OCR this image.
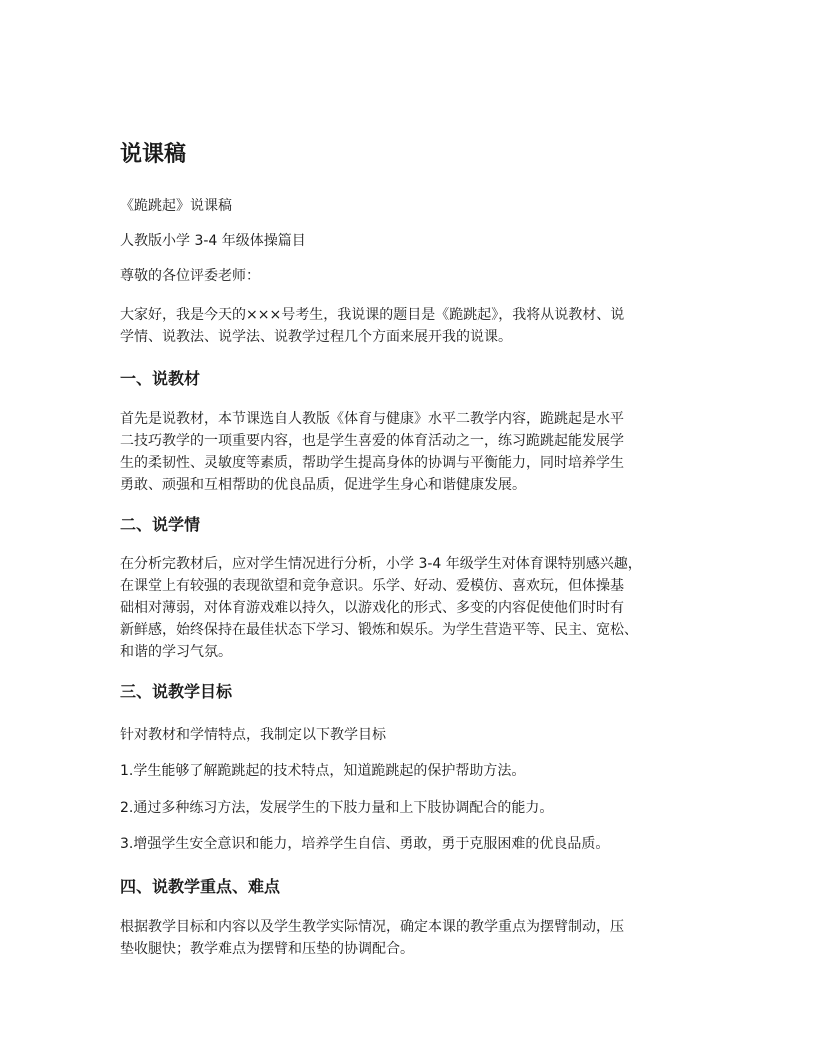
说课稿

《跪跳起》说课稿

人教版小学 3-4 年级体操篇目

尊敬的各位评委老师：

大家好，我是今天的×××号考生，我说课的题目是《跪跳起》，我将从说教材、说
学情、说教法、说学法、说教学过程几个方面来展开我的说课。
一、说教材
首先是说教材，本节课选自人教版《体育与健康》水平二教学内容，跪跳起是水平
二技巧教学的一项重要内容，也是学生喜爱的体育活动之一，练习跪跳起能发展学
生的柔韧性、灵敏度等素质，帮助学生提高身体的协调与平衡能力，同时培养学生
勇敢、顽强和互相帮助的优良品质，促进学生身心和谐健康发展。
二、说学情
在分析完教材后，应对学生情况进行分析，小学 3-4 年级学生对体育课特别感兴趣，
在课堂上有较强的表现欲望和竞争意识。乐学、好动、爱模仿、喜欢玩，但体操基
础相对薄弱，对体育游戏难以持久，以游戏化的形式、多变的内容促使他们时时有
新鲜感，始终保持在最佳状态下学习、锻炼和娱乐。为学生营造平等、民主、宽松、
和谐的学习气氛。
三、说教学目标

针对教材和学情特点，我制定以下教学目标

1.学生能够了解跪跳起的技术特点，知道跪跳起的保护帮助方法。

2.通过多种练习方法，发展学生的下肢力量和上下肢协调配合的能力。

3.增强学生安全意识和能力，培养学生自信、勇敢，勇于克服困难的优良品质。

四、说教学重点、难点
根据教学目标和内容以及学生教学实际情况，确定本课的教学重点为摆臂制动，压
垫收腿快；教学难点为摆臂和压垫的协调配合。
